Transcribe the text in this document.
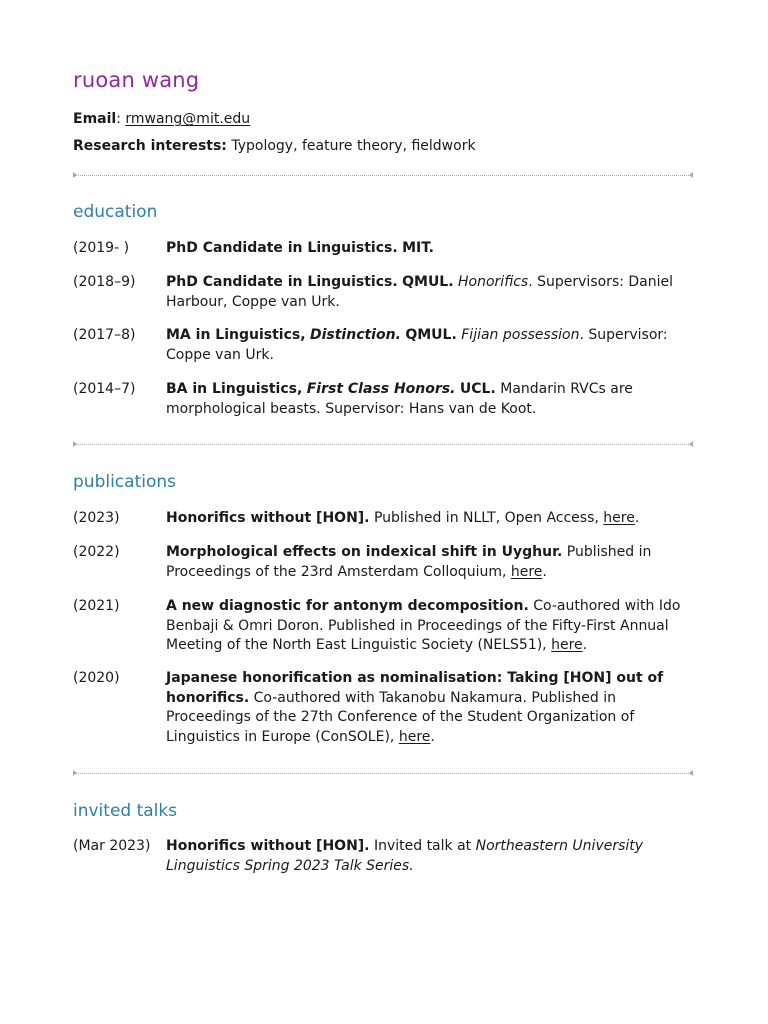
ruoan wang
Email: rmwang@mit.edu
Research interests: Typology, feature theory, fieldwork
education
(2019- )	PhD Candidate in Linguistics. MIT.
(2018–9)	PhD Candidate in Linguistics. QMUL. Honorifics. Supervisors: Daniel Harbour, Coppe van Urk.
(2017–8)	MA in Linguistics, Distinction. QMUL. Fijian possession. Supervisor: Coppe van Urk.
(2014–7)	BA in Linguistics, First Class Honors. UCL. Mandarin RVCs are morphological beasts. Supervisor: Hans van de Koot.
publications
(2023)	Honorifics without [HON]. Published in NLLT, Open Access, here.
(2022)	Morphological effects on indexical shift in Uyghur. Published in Proceedings of the 23rd Amsterdam Colloquium, here.
(2021)	A new diagnostic for antonym decomposition. Co-authored with Ido Benbaji & Omri Doron. Published in Proceedings of the Fifty-First Annual Meeting of the North East Linguistic Society (NELS51), here.
(2020)	Japanese honorification as nominalisation: Taking [HON] out of honorifics. Co-authored with Takanobu Nakamura. Published in Proceedings of the 27th Conference of the Student Organization of Linguistics in Europe (ConSOLE), here.
invited talks
(Mar 2023)	Honorifics without [HON]. Invited talk at Northeastern University Linguistics Spring 2023 Talk Series.
